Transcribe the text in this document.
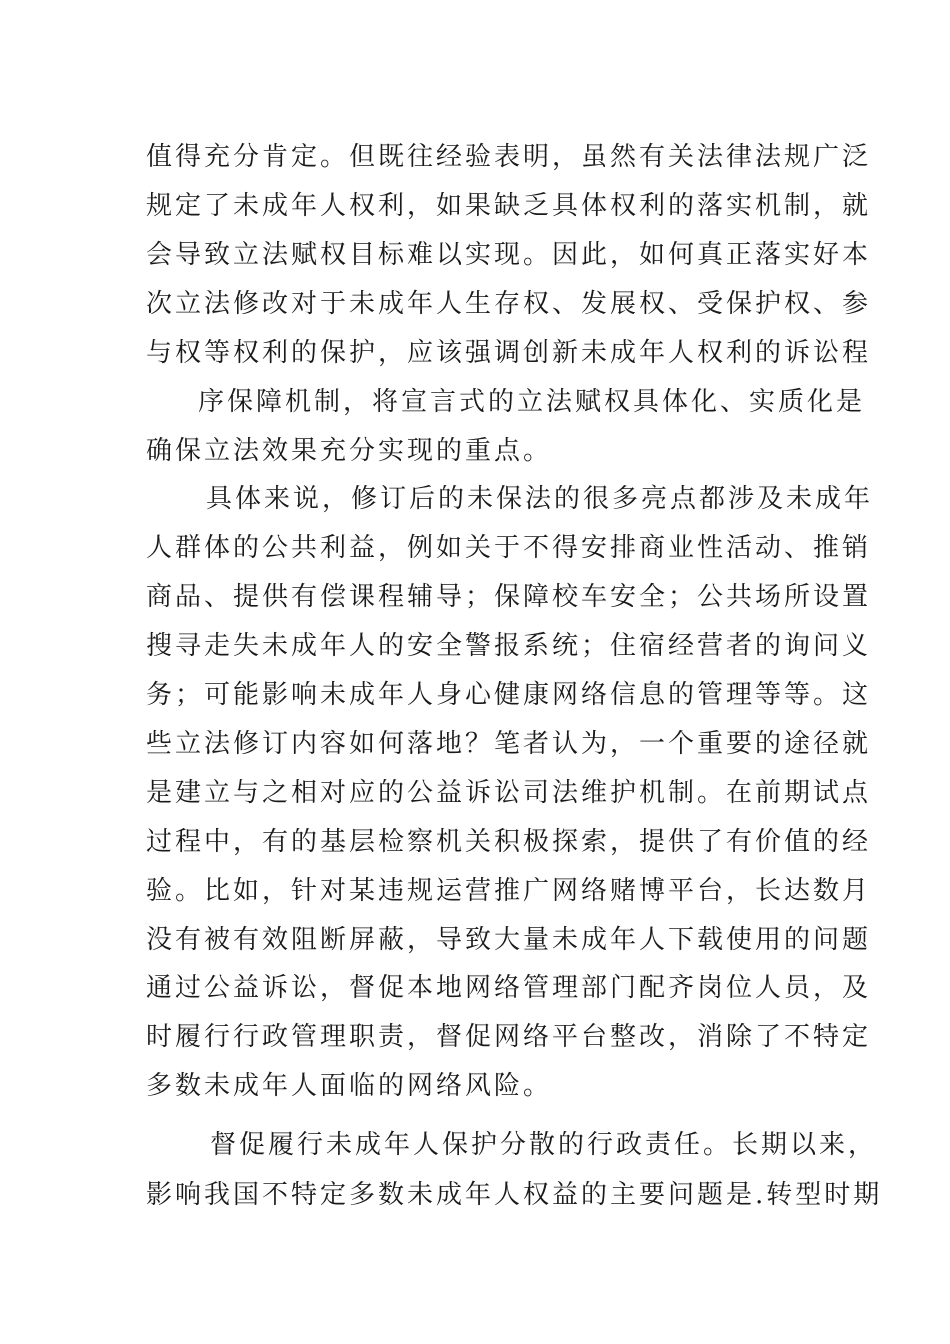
值得充分肯定。但既往经验表明，虽然有关法律法规广泛
规定了未成年人权利，如果缺乏具体权利的落实机制，就
会导致立法赋权目标难以实现。因此，如何真正落实好本
次立法修改对于未成年人生存权、发展权、受保护权、参
与权等权利的保护，应该强调创新未成年人权利的诉讼程
序保障机制，将宣言式的立法赋权具体化、实质化是
确保立法效果充分实现的重点。
具体来说，修订后的未保法的很多亮点都涉及未成年
人群体的公共利益，例如关于不得安排商业性活动、推销
商品、提供有偿课程辅导；保障校车安全；公共场所设置
搜寻走失未成年人的安全警报系统；住宿经营者的询问义
务；可能影响未成年人身心健康网络信息的管理等等。这
些立法修订内容如何落地？笔者认为，一个重要的途径就
是建立与之相对应的公益诉讼司法维护机制。在前期试点
过程中，有的基层检察机关积极探索，提供了有价值的经
验。比如，针对某违规运营推广网络赌博平台，长达数月
没有被有效阻断屏蔽，导致大量未成年人下载使用的问题
通过公益诉讼，督促本地网络管理部门配齐岗位人员，及
时履行行政管理职责，督促网络平台整改，消除了不特定
多数未成年人面临的网络风险。
督促履行未成年人保护分散的行政责任。长期以来，
影响我国不特定多数未成年人权益的主要问题是.转型时期
